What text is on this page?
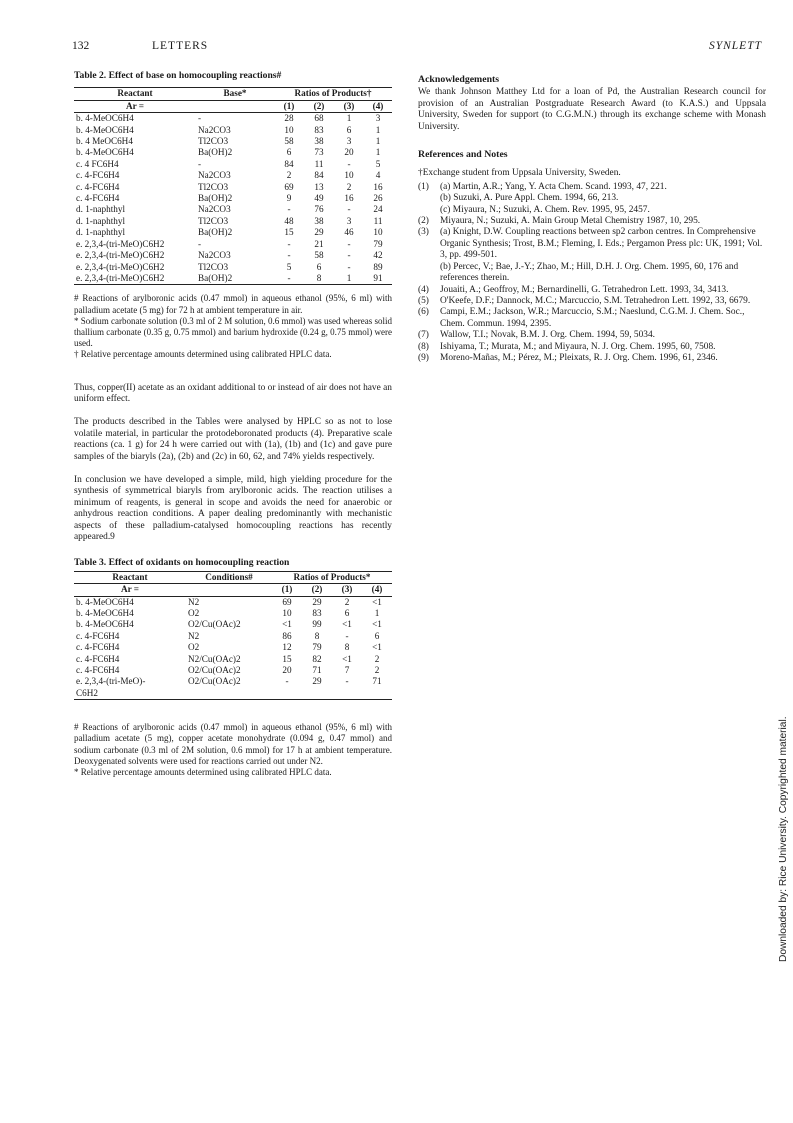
132	LETTERS	SYNLETT
Table 2. Effect of base on homocoupling reactions#
Reactant	Base*	Ratios of Products†			
Ar =		(1)	(2)	(3)	(4)
b. 4-MeOC6H4	-	28	68	1	3
b. 4-MeOC6H4	Na2CO3	10	83	6	1
b. 4 MeOC6H4	Tl2CO3	58	38	3	1
b. 4-MeOC6H4	Ba(OH)2	6	73	20	1
c. 4 FC6H4	-	84	11	-	5
c. 4-FC6H4	Na2CO3	2	84	10	4
c. 4-FC6H4	Tl2CO3	69	13	2	16
c. 4-FC6H4	Ba(OH)2	9	49	16	26
d. 1-naphthyl	Na2CO3	-	76	-	24
d. 1-naphthyl	Tl2CO3	48	38	3	11
d. 1-naphthyl	Ba(OH)2	15	29	46	10
e. 2,3,4-(tri-MeO)C6H2	-	-	21	-	79
e. 2,3,4-(tri-MeO)C6H2	Na2CO3	-	58	-	42
e. 2,3,4-(tri-MeO)C6H2	Tl2CO3	5	6	-	89
e. 2,3,4-(tri-MeO)C6H2	Ba(OH)2	-	8	1	91

# Reactions of arylboronic acids (0.47 mmol) in aqueous ethanol (95%, 6 ml) with palladium acetate (5 mg) for 72 h at ambient temperature in air.

* Sodium carbonate solution (0.3 ml of 2 M solution, 0.6 mmol) was used whereas solid thallium carbonate (0.35 g, 0.75 mmol) and barium hydroxide (0.24 g, 0.75 mmol) were used.

† Relative percentage amounts determined using calibrated HPLC data.

Thus, copper(II) acetate as an oxidant additional to or instead of air does not have an uniform effect.

The products described in the Tables were analysed by HPLC so as not to lose volatile material, in particular the protodeboronated products (4). Preparative scale reactions (ca. 1 g) for 24 h were carried out with (1a), (1b) and (1c) and gave pure samples of the biaryls (2a), (2b) and (2c) in 60, 62, and 74% yields respectively.

In conclusion we have developed a simple, mild, high yielding procedure for the synthesis of symmetrical biaryls from arylboronic acids. The reaction utilises a minimum of reagents, is general in scope and avoids the need for anaerobic or anhydrous reaction conditions. A paper dealing predominantly with mechanistic aspects of these palladium-catalysed homocoupling reactions has recently appeared.9

Table 3. Effect of oxidants on homocoupling reaction
Reactant	Conditions#	Ratios of Products*			
Ar =		(1)	(2)	(3)	(4)
b. 4-MeOC6H4	N2	69	29	2	<1
b. 4-MeOC6H4	O2	10	83	6	1
b. 4-MeOC6H4	O2/Cu(OAc)2	<1	99	<1	<1
c. 4-FC6H4	N2	86	8	-	6
c. 4-FC6H4	O2	12	79	8	<1
c. 4-FC6H4	N2/Cu(OAc)2	15	82	<1	2
c. 4-FC6H4	O2/Cu(OAc)2	20	71	7	2
e. 2,3,4-(tri-MeO)-	O2/Cu(OAc)2	-	29	-	71
C6H2					

# Reactions of arylboronic acids (0.47 mmol) in aqueous ethanol (95%, 6 ml) with palladium acetate (5 mg), copper acetate monohydrate (0.094 g, 0.47 mmol) and sodium carbonate (0.3 ml of 2M solution, 0.6 mmol) for 17 h at ambient temperature. Deoxygenated solvents were used for reactions carried out under N2.

* Relative percentage amounts determined using calibrated HPLC data.

Acknowledgements

We thank Johnson Matthey Ltd for a loan of Pd, the Australian Research council for provision of an Australian Postgraduate Research Award (to K.A.S.) and Uppsala University, Sweden for support (to C.G.M.N.) through its exchange scheme with Monash University.

References and Notes
†Exchange student from Uppsala University, Sweden.
(1) (a) Martin, A.R.; Yang, Y. Acta Chem. Scand. 1993, 47, 221.
(b) Suzuki, A. Pure Appl. Chem. 1994, 66, 213.
(c) Miyaura, N.; Suzuki, A. Chem. Rev. 1995, 95, 2457.
(2) Miyaura, N.; Suzuki, A. Main Group Metal Chemistry 1987, 10, 295.
(3) (a) Knight, D.W. Coupling reactions between sp2 carbon centres. In Comprehensive Organic Synthesis; Trost, B.M.; Fleming, I. Eds.; Pergamon Press plc: UK, 1991; Vol. 3, pp. 499-501.
(b) Percec, V.; Bae, J.-Y.; Zhao, M.; Hill, D.H. J. Org. Chem. 1995, 60, 176 and references therein.
(4) Jouaiti, A.; Geoffroy, M.; Bernardinelli, G. Tetrahedron Lett. 1993, 34, 3413.
(5) O'Keefe, D.F.; Dannock, M.C.; Marcuccio, S.M. Tetrahedron Lett. 1992, 33, 6679.
(6) Campi, E.M.; Jackson, W.R.; Marcuccio, S.M.; Naeslund, C.G.M. J. Chem. Soc., Chem. Commun. 1994, 2395.
(7) Wallow, T.I.; Novak, B.M. J. Org. Chem. 1994, 59, 5034.
(8) Ishiyama, T.; Murata, M.; and Miyaura, N. J. Org. Chem. 1995, 60, 7508.
(9) Moreno-Mañas, M.; Pérez, M.; Pleixats, R. J. Org. Chem. 1996, 61, 2346.
Downloaded by: Rice University. Copyrighted material.
